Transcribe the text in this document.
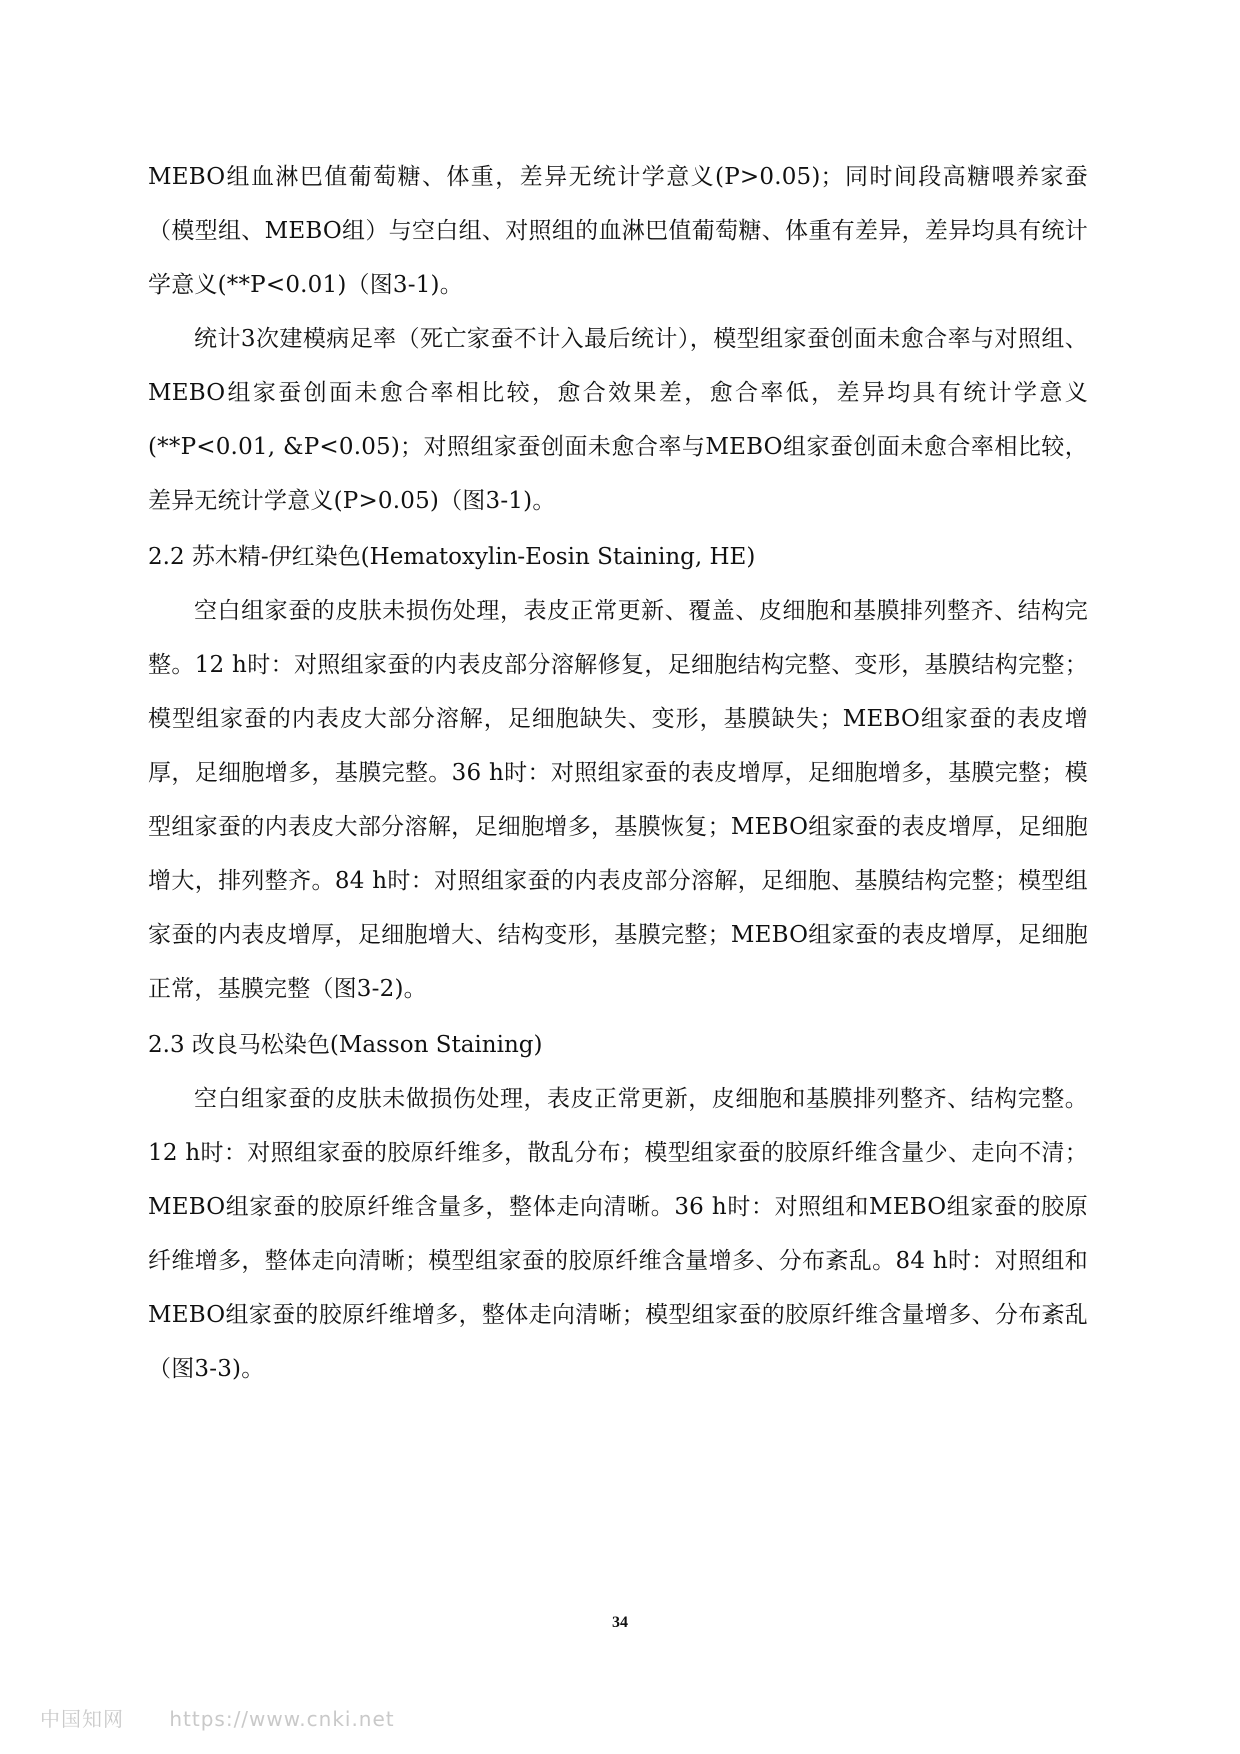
MEBO组血淋巴值葡萄糖、体重，差异无统计学意义(P>0.05)；同时间段高糖喂养家蚕（模型组、MEBO组）与空白组、对照组的血淋巴值葡萄糖、体重有差异，差异均具有统计学意义(**P<0.01)（图3-1)。

统计3次建模病足率（死亡家蚕不计入最后统计），模型组家蚕创面未愈合率与对照组、MEBO组家蚕创面未愈合率相比较，愈合效果差，愈合率低，差异均具有统计学意义(**P<0.01, &P<0.05)；对照组家蚕创面未愈合率与MEBO组家蚕创面未愈合率相比较，差异无统计学意义(P>0.05)（图3-1)。

2.2 苏木精-伊红染色(Hematoxylin-Eosin Staining, HE)

空白组家蚕的皮肤未损伤处理，表皮正常更新、覆盖、皮细胞和基膜排列整齐、结构完整。12 h时：对照组家蚕的内表皮部分溶解修复，足细胞结构完整、变形，基膜结构完整；模型组家蚕的内表皮大部分溶解，足细胞缺失、变形，基膜缺失；MEBO组家蚕的表皮增厚，足细胞增多，基膜完整。36 h时：对照组家蚕的表皮增厚，足细胞增多，基膜完整；模型组家蚕的内表皮大部分溶解，足细胞增多，基膜恢复；MEBO组家蚕的表皮增厚，足细胞增大，排列整齐。84 h时：对照组家蚕的内表皮部分溶解，足细胞、基膜结构完整；模型组家蚕的内表皮增厚，足细胞增大、结构变形，基膜完整；MEBO组家蚕的表皮增厚，足细胞正常，基膜完整（图3-2)。

2.3 改良马松染色(Masson Staining)

空白组家蚕的皮肤未做损伤处理，表皮正常更新，皮细胞和基膜排列整齐、结构完整。12 h时：对照组家蚕的胶原纤维多，散乱分布；模型组家蚕的胶原纤维含量少、走向不清；MEBO组家蚕的胶原纤维含量多，整体走向清晰。36 h时：对照组和MEBO组家蚕的胶原纤维增多，整体走向清晰；模型组家蚕的胶原纤维含量增多、分布紊乱。84 h时：对照组和MEBO组家蚕的胶原纤维增多，整体走向清晰；模型组家蚕的胶原纤维含量增多、分布紊乱（图3-3)。

34
中国知网 https://www.cnki.net
